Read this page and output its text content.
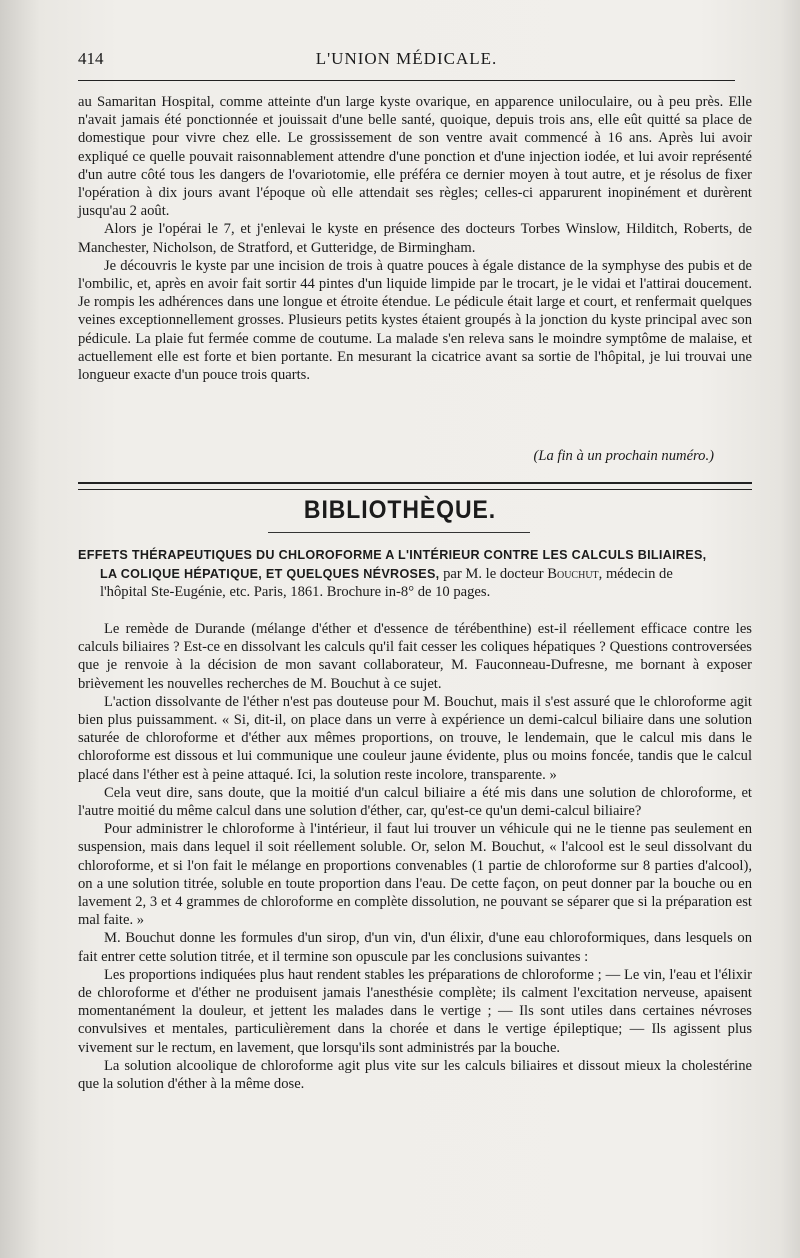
414	L'UNION MÉDICALE.

au Samaritan Hospital, comme atteinte d'un large kyste ovarique, en apparence uniloculaire, ou à peu près. Elle n'avait jamais été ponctionnée et jouissait d'une belle santé, quoique, depuis trois ans, elle eût quitté sa place de domestique pour vivre chez elle. Le grossissement de son ventre avait commencé à 16 ans. Après lui avoir expliqué ce quelle pouvait raisonnablement attendre d'une ponction et d'une injection iodée, et lui avoir représenté d'un autre côté tous les dangers de l'ovariotomie, elle préféra ce dernier moyen à tout autre, et je résolus de fixer l'opération à dix jours avant l'époque où elle attendait ses règles; celles-ci apparurent inopinément et durèrent jusqu'au 2 août.

Alors je l'opérai le 7, et j'enlevai le kyste en présence des docteurs Torbes Winslow, Hilditch, Roberts, de Manchester, Nicholson, de Stratford, et Gutteridge, de Birmingham.

Je découvris le kyste par une incision de trois à quatre pouces à égale distance de la symphyse des pubis et de l'ombilic, et, après en avoir fait sortir 44 pintes d'un liquide limpide par le trocart, je le vidai et l'attirai doucement. Je rompis les adhérences dans une longue et étroite étendue. Le pédicule était large et court, et renfermait quelques veines exceptionnellement grosses. Plusieurs petits kystes étaient groupés à la jonction du kyste principal avec son pédicule. La plaie fut fermée comme de coutume. La malade s'en releva sans le moindre symptôme de malaise, et actuellement elle est forte et bien portante. En mesurant la cicatrice avant sa sortie de l'hôpital, je lui trouvai une longueur exacte d'un pouce trois quarts.

(La fin à un prochain numéro.)
BIBLIOTHÈQUE.
EFFETS THÉRAPEUTIQUES DU CHLOROFORME A L'INTÉRIEUR CONTRE LES CALCULS BILIAIRES,
LA COLIQUE HÉPATIQUE, ET QUELQUES NÉVROSES, par M. le docteur Bouchut, médecin de
l'hôpital Ste-Eugénie, etc. Paris, 1861. Brochure in-8° de 10 pages.

Le remède de Durande (mélange d'éther et d'essence de térébenthine) est-il réellement efficace contre les calculs biliaires ? Est-ce en dissolvant les calculs qu'il fait cesser les coliques hépatiques ? Questions controversées que je renvoie à la décision de mon savant collaborateur, M. Fauconneau-Dufresne, me bornant à exposer brièvement les nouvelles recherches de M. Bouchut à ce sujet.

L'action dissolvante de l'éther n'est pas douteuse pour M. Bouchut, mais il s'est assuré que le chloroforme agit bien plus puissamment. « Si, dit-il, on place dans un verre à expérience un demi-calcul biliaire dans une solution saturée de chloroforme et d'éther aux mêmes proportions, on trouve, le lendemain, que le calcul mis dans le chloroforme est dissous et lui communique une couleur jaune évidente, plus ou moins foncée, tandis que le calcul placé dans l'éther est à peine attaqué. Ici, la solution reste incolore, transparente. »

Cela veut dire, sans doute, que la moitié d'un calcul biliaire a été mis dans une solution de chloroforme, et l'autre moitié du même calcul dans une solution d'éther, car, qu'est-ce qu'un demi-calcul biliaire?

Pour administrer le chloroforme à l'intérieur, il faut lui trouver un véhicule qui ne le tienne pas seulement en suspension, mais dans lequel il soit réellement soluble. Or, selon M. Bouchut, « l'alcool est le seul dissolvant du chloroforme, et si l'on fait le mélange en proportions convenables (1 partie de chloroforme sur 8 parties d'alcool), on a une solution titrée, soluble en toute proportion dans l'eau. De cette façon, on peut donner par la bouche ou en lavement 2, 3 et 4 grammes de chloroforme en complète dissolution, ne pouvant se séparer que si la préparation est mal faite. »

M. Bouchut donne les formules d'un sirop, d'un vin, d'un élixir, d'une eau chloroformiques, dans lesquels on fait entrer cette solution titrée, et il termine son opuscule par les conclusions suivantes :

Les proportions indiquées plus haut rendent stables les préparations de chloroforme ; — Le vin, l'eau et l'élixir de chloroforme et d'éther ne produisent jamais l'anesthésie complète; ils calment l'excitation nerveuse, apaisent momentanément la douleur, et jettent les malades dans le vertige ; — Ils sont utiles dans certaines névroses convulsives et mentales, particulièrement dans la chorée et dans le vertige épileptique; — Ils agissent plus vivement sur le rectum, en lavement, que lorsqu'ils sont administrés par la bouche.

La solution alcoolique de chloroforme agit plus vite sur les calculs biliaires et dissout mieux la cholestérine que la solution d'éther à la même dose.
